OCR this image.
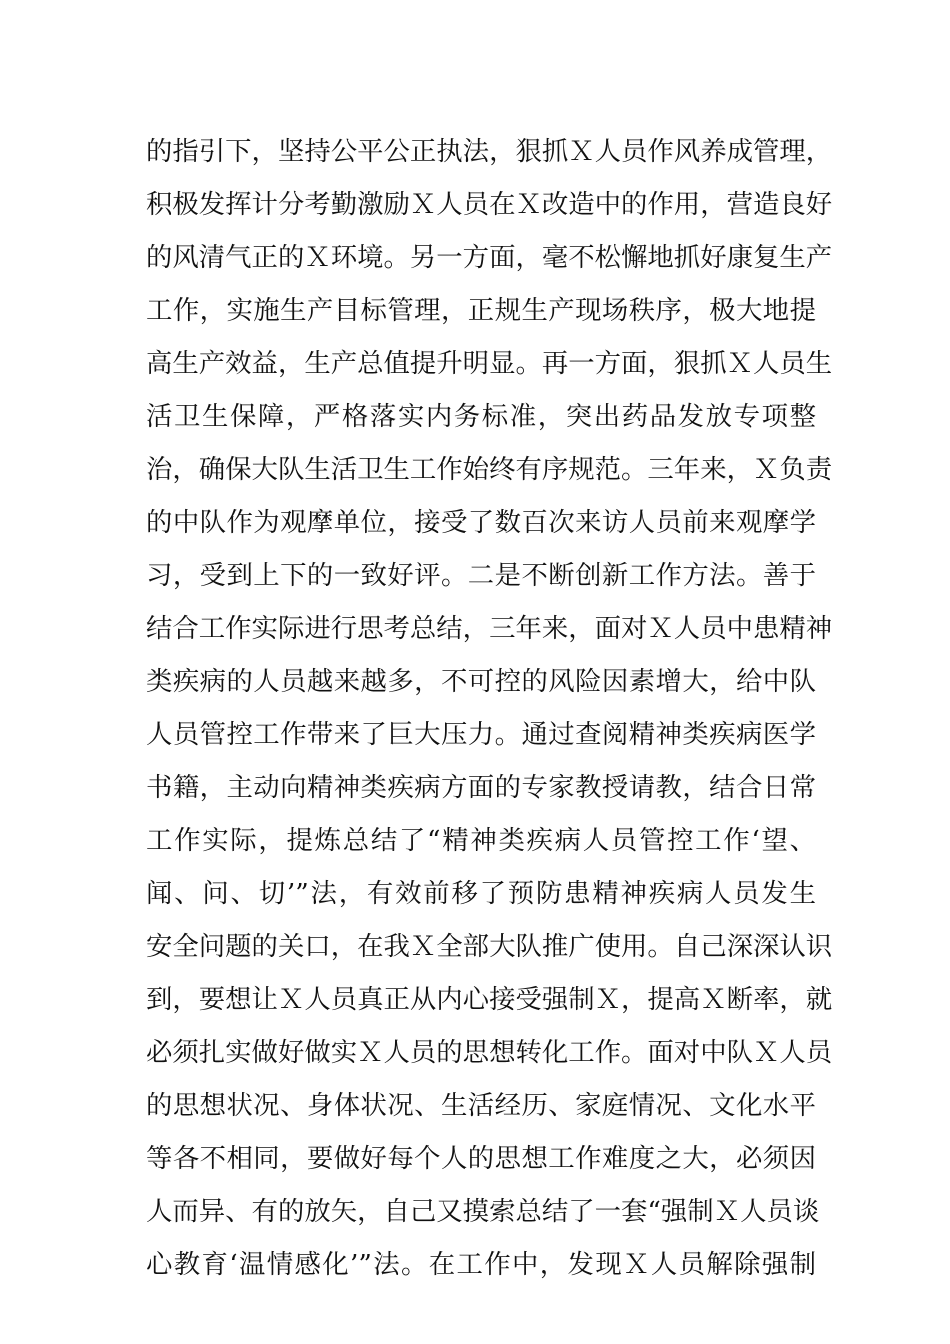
的指引下，坚持公平公正执法，狠抓Ｘ人员作风养成管理，
积极发挥计分考勤激励Ｘ人员在Ｘ改造中的作用，营造良好
的风清气正的Ｘ环境。另一方面，毫不松懈地抓好康复生产
工作，实施生产目标管理，正规生产现场秩序，极大地提
高生产效益，生产总值提升明显。再一方面，狠抓Ｘ人员生
活卫生保障，严格落实内务标准，突出药品发放专项整
治，确保大队生活卫生工作始终有序规范。三年来，Ｘ负责
的中队作为观摩单位，接受了数百次来访人员前来观摩学
习，受到上下的一致好评。二是不断创新工作方法。善于
结合工作实际进行思考总结，三年来，面对Ｘ人员中患精神
类疾病的人员越来越多，不可控的风险因素增大，给中队
人员管控工作带来了巨大压力。通过查阅精神类疾病医学
书籍，主动向精神类疾病方面的专家教授请教，结合日常
工作实际，提炼总结了“精神类疾病人员管控工作‘望、
闻、问、切’”法，有效前移了预防患精神疾病人员发生
安全问题的关口，在我Ｘ全部大队推广使用。自己深深认识
到，要想让Ｘ人员真正从内心接受强制Ｘ，提高Ｘ断率，就
必须扎实做好做实Ｘ人员的思想转化工作。面对中队Ｘ人员
的思想状况、身体状况、生活经历、家庭情况、文化水平
等各不相同，要做好每个人的思想工作难度之大，必须因
人而异、有的放矢，自己又摸索总结了一套“强制Ｘ人员谈
心教育‘温情感化’”法。在工作中，发现Ｘ人员解除强制
